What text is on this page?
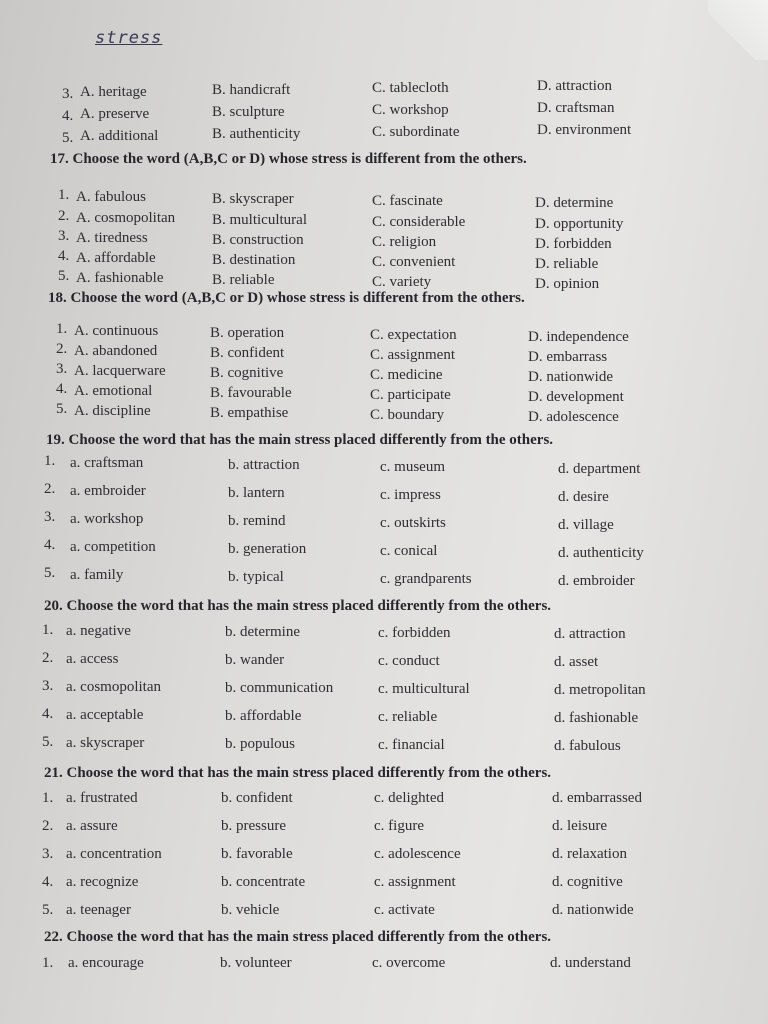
stress
3. A. heritage	B. handicraft	C. tablecloth	D. attraction
4. A. preserve	B. sculpture	C. workshop	D. craftsman
5. A. additional	B. authenticity	C. subordinate	D. environment
17. Choose the word (A,B,C or D) whose stress is different from the others.
1. A. fabulous	B. skyscraper	C. fascinate	D. determine
2. A. cosmopolitan B. multicultural	C. considerable	D. opportunity
3. A. tiredness	B. construction	C. religion	D. forbidden
4. A. affordable	B. destination	C. convenient	D. reliable
5. A. fashionable	B. reliable	C. variety	D. opinion
18. Choose the word (A,B,C or D) whose stress is different from the others.
1. A. continuous	B. operation	C. expectation	D. independence
2. A. abandoned	B. confident	C. assignment	D. embarrass
3. A. lacquerware	B. cognitive	C. medicine	D. nationwide
4. A. emotional	B. favourable	C. participate	D. development
5. A. discipline	B. empathise	C. boundary	D. adolescence
19. Choose the word that has the main stress placed differently from the others.
1. a. craftsman	b. attraction	c. museum	d. department
2. a. embroider	b. lantern	c. impress	d. desire
3. a. workshop	b. remind	c. outskirts	d. village
4. a. competition	b. generation	c. conical	d. authenticity
5. a. family	b. typical	c. grandparents	d. embroider
20. Choose the word that has the main stress placed differently from the others.
1. a. negative	b. determine	c. forbidden	d. attraction
2. a. access	b. wander	c. conduct	d. asset
3. a. cosmopolitan	b. communication	c. multicultural	d. metropolitan
4. a. acceptable	b. affordable	c. reliable	d. fashionable
5. a. skyscraper	b. populous	c. financial	d. fabulous
21. Choose the word that has the main stress placed differently from the others.
1. a. frustrated	b. confident	c. delighted	d. embarrassed
2. a. assure	b. pressure	c. figure	d. leisure
3. a. concentration	b. favorable	c. adolescence	d. relaxation
4. a. recognize	b. concentrate	c. assignment	d. cognitive
5. a. teenager	b. vehicle	c. activate	d. nationwide
22. Choose the word that has the main stress placed differently from the others.
1. a. encourage	b. volunteer	c. overcome	d. understand
